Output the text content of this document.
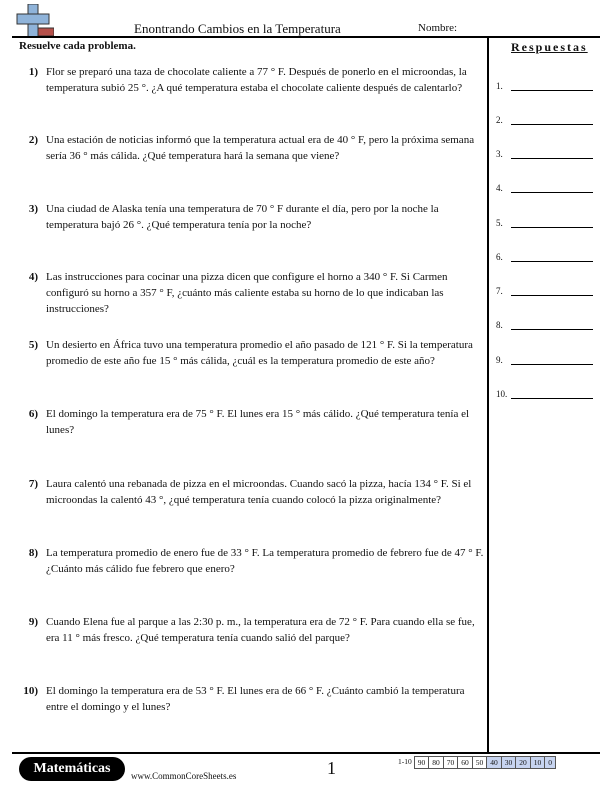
Enontrando Cambios en la Temperatura	Nombre:
Resuelve cada problema.	Respuestas
1) Flor se preparó una taza de chocolate caliente a 77 ° F. Después de ponerlo en el microondas, la temperatura subió 25 °. ¿A qué temperatura estaba el chocolate caliente después de calentarlo?
2) Una estación de noticias informó que la temperatura actual era de 40 ° F, pero la próxima semana sería 36 ° más cálida. ¿Qué temperatura hará la semana que viene?
3) Una ciudad de Alaska tenía una temperatura de 70 ° F durante el día, pero por la noche la temperatura bajó 26 °. ¿Qué temperatura tenía por la noche?
4) Las instrucciones para cocinar una pizza dicen que configure el horno a 340 ° F. Si Carmen configuró su horno a 357 ° F, ¿cuánto más caliente estaba su horno de lo que indicaban las instrucciones?
5) Un desierto en África tuvo una temperatura promedio el año pasado de 121 ° F. Si la temperatura promedio de este año fue 15 ° más cálida, ¿cuál es la temperatura promedio de este año?
6) El domingo la temperatura era de 75 ° F. El lunes era 15 ° más cálido. ¿Qué temperatura tenía el lunes?
7) Laura calentó una rebanada de pizza en el microondas. Cuando sacó la pizza, hacía 134 ° F. Si el microondas la calentó 43 °, ¿qué temperatura tenía cuando colocó la pizza originalmente?
8) La temperatura promedio de enero fue de 33 ° F. La temperatura promedio de febrero fue de 47 ° F. ¿Cuánto más cálido fue febrero que enero?
9) Cuando Elena fue al parque a las 2:30 p. m., la temperatura era de 72 ° F. Para cuando ella se fue, era 11 ° más fresco. ¿Qué temperatura tenía cuando salió del parque?
10) El domingo la temperatura era de 53 ° F. El lunes era de 66 ° F. ¿Cuánto cambió la temperatura entre el domingo y el lunes?
1.
2.
3.
4.
5.
6.
7.
8.
9.
10.
Matemáticas	www.CommonCoreSheets.es	1	1-10 90 80 70 60 50 40 30 20 10 0
